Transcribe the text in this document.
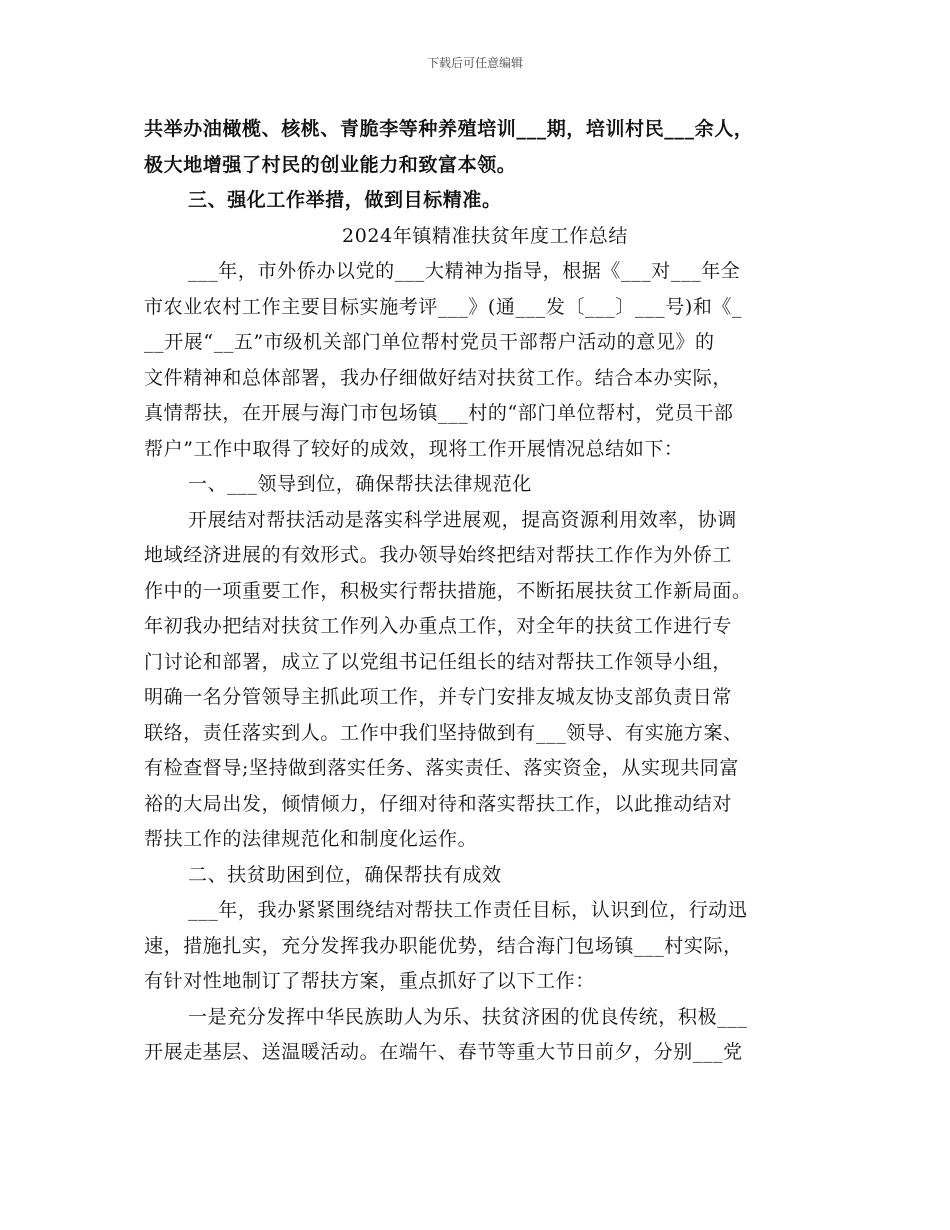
下载后可任意编辑
共举办油橄榄、核桃、青脆李等种养殖培训___期，培训村民___余人，
极大地增强了村民的创业能力和致富本领。
三、强化工作举措，做到目标精准。
2024年镇精准扶贫年度工作总结
___年，市外侨办以党的___大精神为指导，根据《___对___年全
市农业农村工作主要目标实施考评___》(通___发〔___〕___号)和《_
__开展“__五”市级机关部门单位帮村党员干部帮户活动的意见》的
文件精神和总体部署，我办仔细做好结对扶贫工作。结合本办实际，
真情帮扶，在开展与海门市包场镇___村的“部门单位帮村，党员干部
帮户”工作中取得了较好的成效，现将工作开展情况总结如下：
一、___领导到位，确保帮扶法律规范化
开展结对帮扶活动是落实科学进展观，提高资源利用效率，协调
地域经济进展的有效形式。我办领导始终把结对帮扶工作作为外侨工
作中的一项重要工作，积极实行帮扶措施，不断拓展扶贫工作新局面。
年初我办把结对扶贫工作列入办重点工作，对全年的扶贫工作进行专
门讨论和部署，成立了以党组书记任组长的结对帮扶工作领导小组，
明确一名分管领导主抓此项工作，并专门安排友城友协支部负责日常
联络，责任落实到人。工作中我们坚持做到有___领导、有实施方案、
有检查督导;坚持做到落实任务、落实责任、落实资金，从实现共同富
裕的大局出发，倾情倾力，仔细对待和落实帮扶工作，以此推动结对
帮扶工作的法律规范化和制度化运作。
二、扶贫助困到位，确保帮扶有成效
___年，我办紧紧围绕结对帮扶工作责任目标，认识到位，行动迅
速，措施扎实，充分发挥我办职能优势，结合海门包场镇___村实际，
有针对性地制订了帮扶方案，重点抓好了以下工作：
一是充分发挥中华民族助人为乐、扶贫济困的优良传统，积极___
开展走基层、送温暖活动。在端午、春节等重大节日前夕，分别___党
